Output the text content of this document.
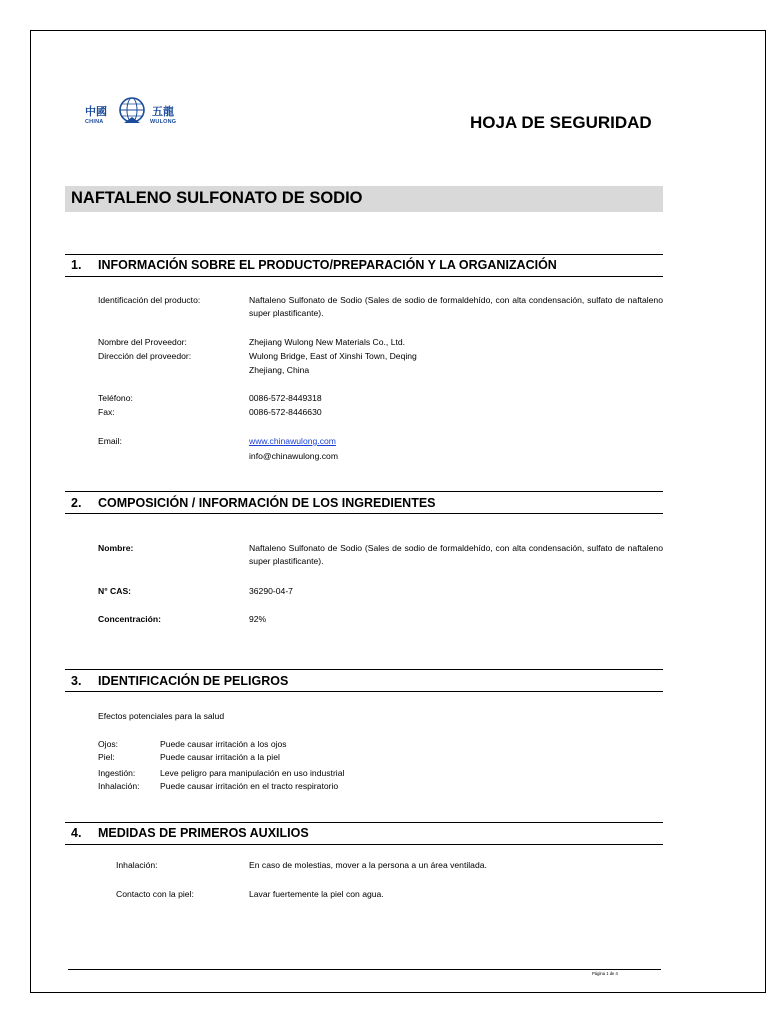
中國	五龍
CHINA	WULONG	HOJA DE SEGURIDAD
NAFTALENO SULFONATO DE SODIO
1. INFORMACIÓN SOBRE EL PRODUCTO/PREPARACIÓN Y LA ORGANIZACIÓN
Identificación del producto:	Naftaleno Sulfonato de Sodio (Sales de sodio de formaldehído, con alta condensación, sulfato de naftaleno super plastificante).
Nombre del Proveedor:	Zhejiang Wulong New Materials Co., Ltd.
Dirección del proveedor:	Wulong Bridge, East of Xinshi Town, Deqing
Zhejiang, China
Teléfono:	0086-572-8449318
Fax:	0086-572-8446630
Email:	www.chinawulong.com
info@chinawulong.com
2. COMPOSICIÓN / INFORMACIÓN DE LOS INGREDIENTES
Nombre:	Naftaleno Sulfonato de Sodio (Sales de sodio de formaldehído, con alta condensación, sulfato de naftaleno super plastificante).
N° CAS:	36290-04-7
Concentración:	92%
3. IDENTIFICACIÓN DE PELIGROS
Efectos potenciales para la salud
Ojos:	Puede causar irritación a los ojos
Piel:	Puede causar irritación a la piel
Ingestión:	Leve peligro para manipulación en uso industrial
Inhalación: Puede causar irritación en el tracto respiratorio
4. MEDIDAS DE PRIMEROS AUXILIOS
Inhalación:	En caso de molestias, mover a la persona a un área ventilada.
Contacto con la piel:	Lavar fuertemente la piel con agua.
Página 1 de 4
